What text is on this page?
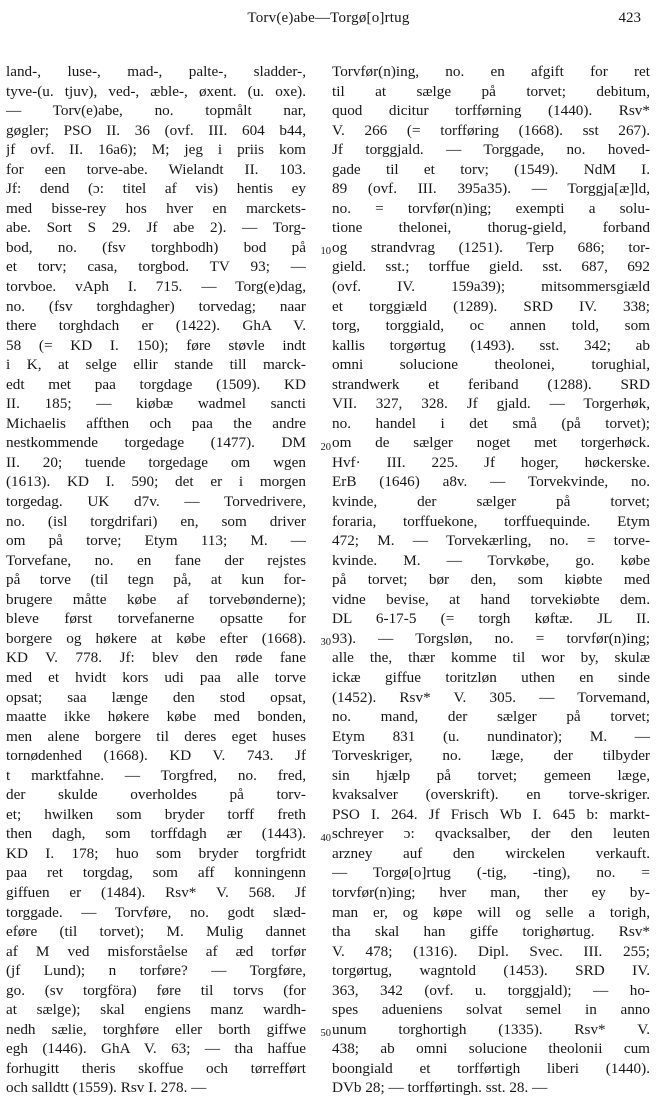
Torv(e)abe—Torgø[o]rtug	423
land-, luse-, mad-, palte-, sladder-,
tyve-(u. tjuv), ved-, æble-, øxent. (u. oxe).
— Torv(e)abe, no. topmålt nar,
gøgler; PSO II. 36 (ovf. III. 604 b44,
jf ovf. II. 16a6); M; jeg i priis kom
for een torve-abe. Wielandt II. 103.
Jf: dend (ɔ: titel af vis) hentis ey
med bisse-rey hos hver en marckets-
abe. Sort S 29. Jf abe 2). — Torg-
bod, no. (fsv torghbodh) bod på
et torv; casa, torgbod. TV 93; —
torvboe. vAph I. 715. — Torg(e)dag,
no. (fsv torghdagher) torvedag; naar
there torghdach er (1422). GhA V.
58 (= KD I. 150); føre støvle indt
i K, at selge ellir stande till marck-
edt met paa torgdage (1509). KD
II. 185; — kiøbæ wadmel sancti
Michaelis affthen och paa the andre
nestkommende torgedage (1477). DM
II. 20; tuende torgedage om wgen
(1613). KD I. 590; det er i morgen
torgedag. UK d7v. — Torvedrivere,
no. (isl torgdrifari) en, som driver
om på torve; Etym 113; M. —
Torvefane, no. en fane der rejstes
på torve (til tegn på, at kun for-
brugere måtte købe af torvebønderne);
bleve først torvefanerne opsatte for
borgere og høkere at købe efter (1668).
KD V. 778. Jf: blev den røde fane
med et hvidt kors udi paa alle torve
opsat; saa længe den stod opsat,
maatte ikke høkere købe med bonden,
men alene borgere til deres eget huses
tornødenhed (1668). KD V. 743. Jf
t marktfahne. — Torgfred, no. fred,
der skulde overholdes på torv-
et; hwilken som bryder torff freth
then dagh, som torffdagh ær (1443).
KD I. 178; huo som bryder torgfridt
paa ret torgdag, som aff konningenn
giffuen er (1484). Rsv* V. 568. Jf
torggade. — Torvføre, no. godt slæd-
eføre (til torvet); M. Mulig dannet
af M ved misforståelse af æd torfør
(jf Lund); n torføre? — Torgføre,
go. (sv torgföra) føre til torvs (for
at sælge); skal engiens manz wardh-
nedh sælie, torghføre eller borth giffwe
egh (1446). GhA V. 63; — tha haffue
forhugitt theris skoffue och tørrefført
och salldtt (1559). Rsv I. 278. —
10
20
30
40
50
Torvfør(n)ing, no. en afgift for ret
til at sælge på torvet; debitum,
quod dicitur torfførning (1440). Rsv*
V. 266 (= torfføring (1668). sst 267).
Jf torggjald. — Torggade, no. hoved-
gade til et torv; (1549). NdM I.
89 (ovf. III. 395a35). — Torggja[æ]ld,
no. = torvfør(n)ing; exempti a solu-
tione thelonei, thorug-gield, forband
og strandvrag (1251). Terp 686; tor-
gield. sst.; torffue gield. sst. 687, 692
(ovf. IV. 159a39); mitsommersgiæld
et torggiæld (1289). SRD IV. 338;
torg, torggiald, oc annen told, som
kallis torgørtug (1493). sst. 342; ab
omni solucione theolonei, torughial,
strandwerk et feriband (1288). SRD
VII. 327, 328. Jf gjald. — Torgerhøk,
no. handel i det små (på torvet);
om de sælger noget met torgerhøck.
Hvf· III. 225. Jf hoger, høckerske.
ErB (1646) a8v. — Torvekvinde, no.
kvinde, der sælger på torvet;
foraria, torffuekone, torffuequinde. Etym
472; M. — Torvekærling, no. = torve-
kvinde. M. — Torvkøbe, go. købe
på torvet; bør den, som kiøbte med
vidne bevise, at hand torvekiøbte dem.
DL 6-17-5 (= torgh køftæ. JL II.
93). — Torgsløn, no. = torvfør(n)ing;
alle the, thær komme til wor by, skulæ
ickæ giffue toritzløn uthen en sinde
(1452). Rsv* V. 305. — Torvemand,
no. mand, der sælger på torvet;
Etym 831 (u. nundinator); M. —
Torveskriger, no. læge, der tilbyder
sin hjælp på torvet; gemeen læge,
kvaksalver (overskrift). en torve-skriger.
PSO I. 264. Jf Frisch Wb I. 645 b: markt-
schreyer ɔ: qvacksalber, der den leuten
arzney auf den wirckelen verkauft.
— Torgø[o]rtug (-tig, -ting), no. =
torvfør(n)ing; hver man, ther ey by-
man er, og køpe will og selle a torigh,
tha skal han giffe torighørtug. Rsv*
V. 478; (1316). Dipl. Svec. III. 255;
torgørtug, wagntold (1453). SRD IV.
363, 342 (ovf. u. torggjald); — ho-
spes adueniens solvat semel in anno
unum torghortigh (1335). Rsv* V.
438; ab omni solucione theolonii cum
boongiald et torfførtigh liberi (1440).
DVb 28; — torfførtingh. sst. 28. —
